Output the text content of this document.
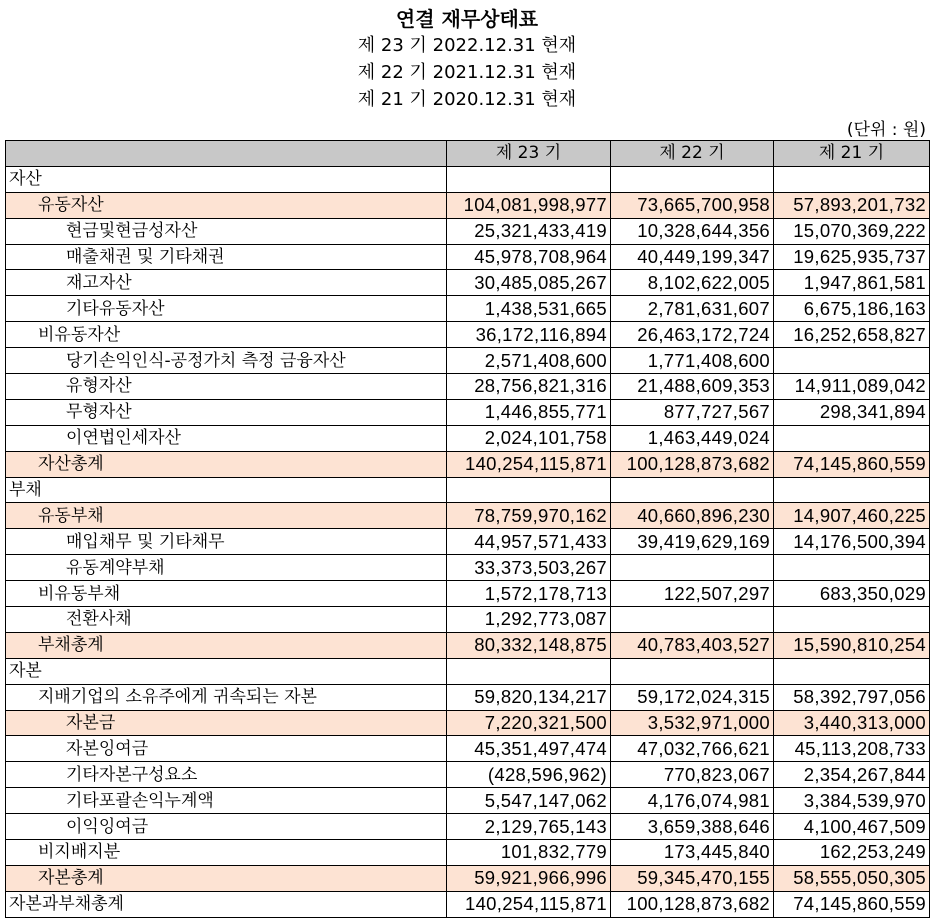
연결 재무상태표
제 23 기 2022.12.31 현재
제 22 기 2021.12.31 현재
제 21 기 2020.12.31 현재
(단위 : 원)
	제 23 기	제 22 기	제 21 기
자산			
유동자산	104,081,998,977	73,665,700,958	57,893,201,732
현금및현금성자산	25,321,433,419	10,328,644,356	15,070,369,222
매출채권 및 기타채권	45,978,708,964	40,449,199,347	19,625,935,737
재고자산	30,485,085,267	8,102,622,005	1,947,861,581
기타유동자산	1,438,531,665	2,781,631,607	6,675,186,163
비유동자산	36,172,116,894	26,463,172,724	16,252,658,827
당기손익인식-공정가치 측정 금융자산	2,571,408,600	1,771,408,600	
유형자산	28,756,821,316	21,488,609,353	14,911,089,042
무형자산	1,446,855,771	877,727,567	298,341,894
이연법인세자산	2,024,101,758	1,463,449,024	
자산총계	140,254,115,871	100,128,873,682	74,145,860,559
부채			
유동부채	78,759,970,162	40,660,896,230	14,907,460,225
매입채무 및 기타채무	44,957,571,433	39,419,629,169	14,176,500,394
유동계약부채	33,373,503,267		
비유동부채	1,572,178,713	122,507,297	683,350,029
전환사채	1,292,773,087		
부채총계	80,332,148,875	40,783,403,527	15,590,810,254
자본			
지배기업의 소유주에게 귀속되는 자본	59,820,134,217	59,172,024,315	58,392,797,056
자본금	7,220,321,500	3,532,971,000	3,440,313,000
자본잉여금	45,351,497,474	47,032,766,621	45,113,208,733
기타자본구성요소	(428,596,962)	770,823,067	2,354,267,844
기타포괄손익누계액	5,547,147,062	4,176,074,981	3,384,539,970
이익잉여금	2,129,765,143	3,659,388,646	4,100,467,509
비지배지분	101,832,779	173,445,840	162,253,249
자본총계	59,921,966,996	59,345,470,155	58,555,050,305
자본과부채총계	140,254,115,871	100,128,873,682	74,145,860,559
